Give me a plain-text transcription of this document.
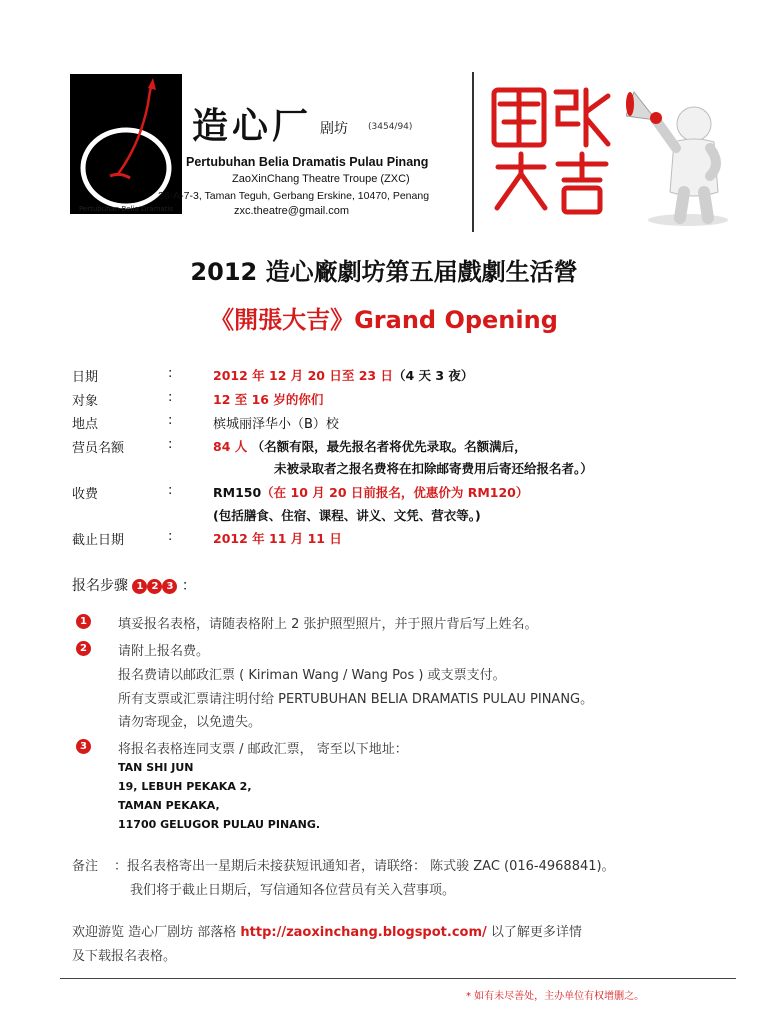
Pertubuhan Belia Dramatis
造心厂 剧坊 (3454/94)
Pertubuhan Belia Dramatis Pulau Pinang
ZaoXinChang Theatre Troupe (ZXC)
36-A-7-3, Taman Teguh, Gerbang Erskine, 10470, Penang
zxc.theatre@gmail.com
2012 造心廠劇坊第五届戲劇生活營
《開張大吉》Grand Opening
日期	:	2012 年 12 月 20 日至 23 日（4 天 3 夜）
对象	:	12 至 16 岁的你们
地点	:	槟城丽泽华小（B）校
营员名额	:	84 人 （名额有限，最先报名者将优先录取。名额满后，
未被录取者之报名费将在扣除邮寄费用后寄还给报名者。）
收费	:	RM150（在 10 月 20 日前报名，优惠价为 RM120）
(包括膳食、住宿、课程、讲义、文凭、营衣等。)
截止日期	:	2012 年 11 月 11 日
报名步骤 1 2 3 ：
1	填妥报名表格，请随表格附上 2 张护照型照片，并于照片背后写上姓名。
2	请附上报名费。
报名费请以邮政汇票 ( Kiriman Wang / Wang Pos ) 或支票支付。
所有支票或汇票请注明付给 PERTUBUHAN BELIA DRAMATIS PULAU PINANG。
请勿寄现金，以免遗失。
3	将报名表格连同支票 / 邮政汇票， 寄至以下地址：
TAN SHI JUN
19, LEBUH PEKAKA 2,
TAMAN PEKAKA,
11700 GELUGOR PULAU PINANG.
备注 ：报名表格寄出一星期后未接获短讯通知者，请联络： 陈式骏 ZAC (016-4968841)。
我们将于截止日期后，写信通知各位营员有关入营事项。
欢迎游览 造心厂剧坊 部落格 http://zaoxinchang.blogspot.com/ 以了解更多详情
及下载报名表格。
* 如有未尽善处，主办单位有权增删之。
